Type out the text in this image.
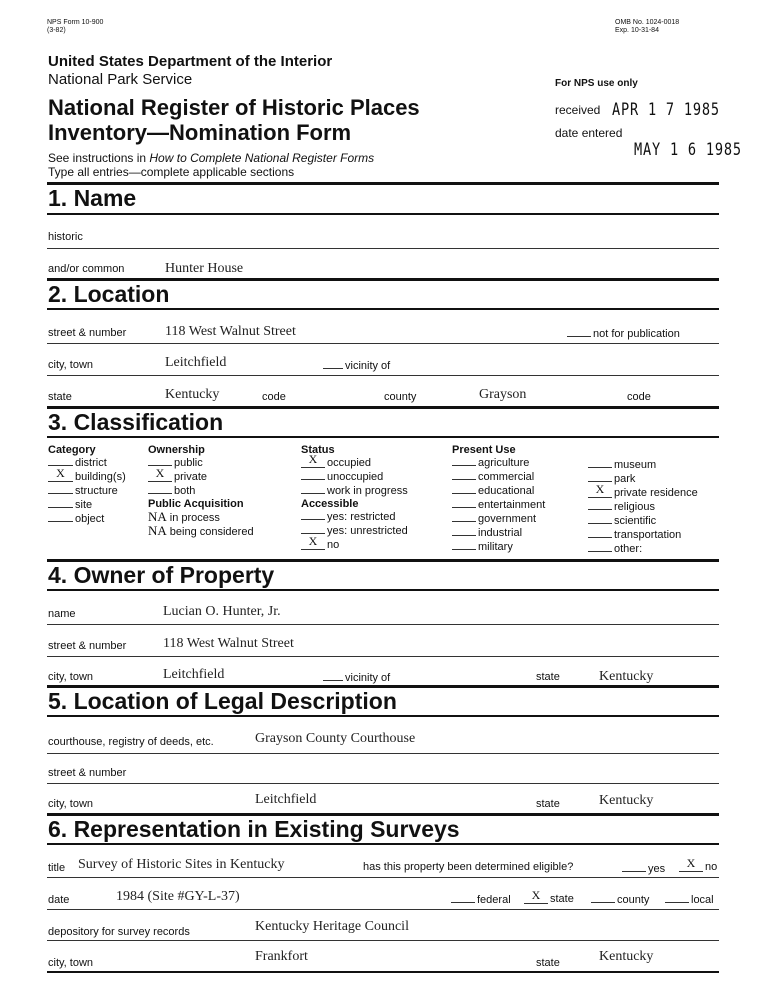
NPS Form 10-900
(3-82)
OMB No. 1024-0018
Exp. 10-31-84
United States Department of the Interior
National Park Service
National Register of Historic Places
Inventory—Nomination Form
See instructions in How to Complete National Register Forms
Type all entries—complete applicable sections
For NPS use only
received APR 1 7 1985
date entered
MAY 1 6 1985
1. Name
historic
and/or common	Hunter House
2. Location
street & number	118 West Walnut Street	not for publication
city, town	Leitchfield	vicinity of
state	Kentucky	code	county	Grayson	code
3. Classification
Category
district
X building(s)
structure
site
object
Ownership
public
X private
both
Public Acquisition
NA in process
NA being considered
Status
X occupied
unoccupied
work in progress
Accessible
yes: restricted
yes: unrestricted
X no
Present Use
agriculture
commercial
educational
entertainment
government
industrial
military
museum
park
X private residence
religious
scientific
transportation
other:
4. Owner of Property
name	Lucian O. Hunter, Jr.
street & number	118 West Walnut Street
city, town	Leitchfield	vicinity of	state	Kentucky
5. Location of Legal Description
courthouse, registry of deeds, etc.	Grayson County Courthouse
street & number
city, town	Leitchfield	state	Kentucky
6. Representation in Existing Surveys
title Survey of Historic Sites in Kentucky	has this property been determined eligible?	yes	X no
date	1984 (Site #GY-L-37)	federal	X state	county	local
depository for survey records	Kentucky Heritage Council
city, town	Frankfort	state	Kentucky
